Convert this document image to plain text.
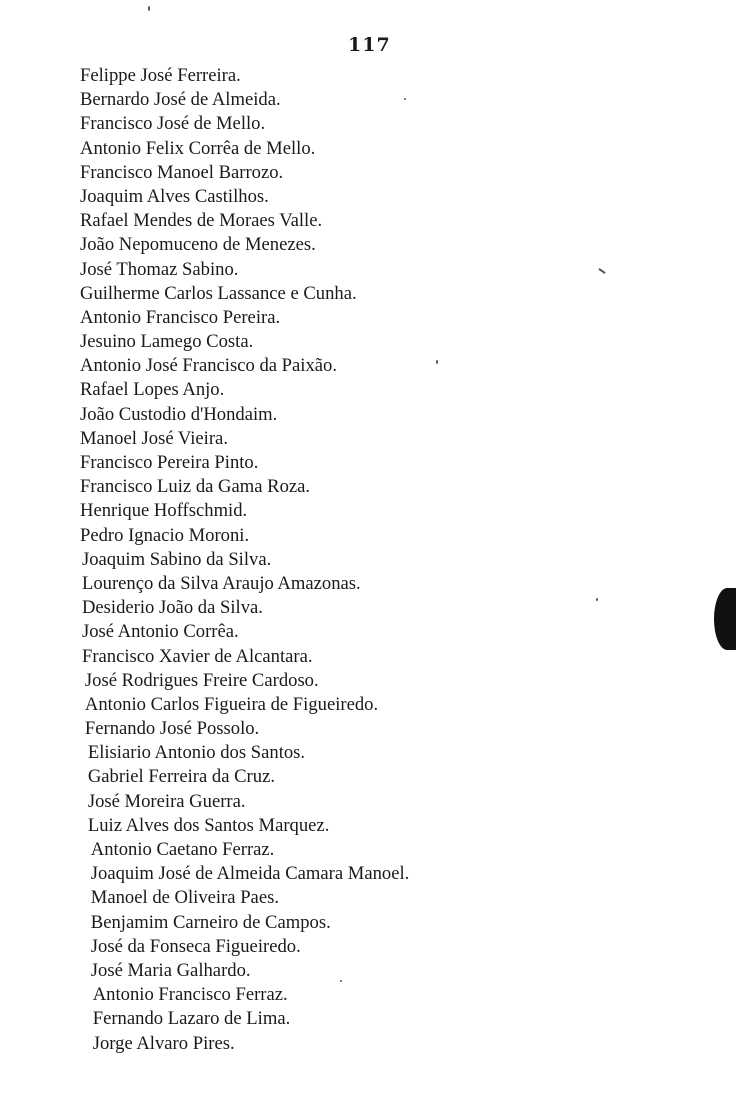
117
Felippe José Ferreira.
Bernardo José de Almeida.
Francisco José de Mello.
Antonio Felix Corrêa de Mello.
Francisco Manoel Barrozo.
Joaquim Alves Castilhos.
Rafael Mendes de Moraes Valle.
João Nepomuceno de Menezes.
José Thomaz Sabino.
Guilherme Carlos Lassance e Cunha.
Antonio Francisco Pereira.
Jesuino Lamego Costa.
Antonio José Francisco da Paixão.
Rafael Lopes Anjo.
João Custodio d'Hondaim.
Manoel José Vieira.
Francisco Pereira Pinto.
Francisco Luiz da Gama Roza.
Henrique Hoffschmid.
Pedro Ignacio Moroni.
Joaquim Sabino da Silva.
Lourenço da Silva Araujo Amazonas.
Desiderio João da Silva.
José Antonio Corrêa.
Francisco Xavier de Alcantara.
José Rodrigues Freire Cardoso.
Antonio Carlos Figueira de Figueiredo.
Fernando José Possolo.
Elisiario Antonio dos Santos.
Gabriel Ferreira da Cruz.
José Moreira Guerra.
Luiz Alves dos Santos Marquez.
Antonio Caetano Ferraz.
Joaquim José de Almeida Camara Manoel.
Manoel de Oliveira Paes.
Benjamim Carneiro de Campos.
José da Fonseca Figueiredo.
José Maria Galhardo.
Antonio Francisco Ferraz.
Fernando Lazaro de Lima.
Jorge Alvaro Pires.
